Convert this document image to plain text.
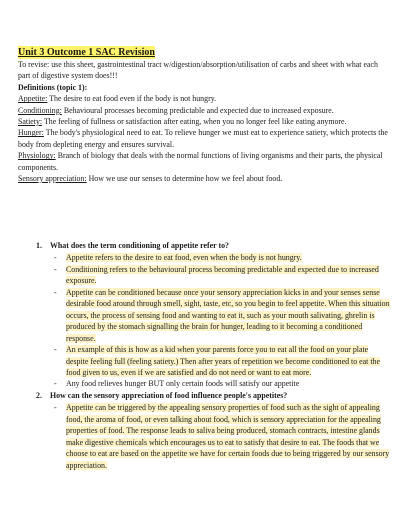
Unit 3 Outcome 1 SAC Revision
To revise: use this sheet, gastrointestinal tract w/digestion/absorption/utilisation of carbs and sheet with what each part of digestive system does!!!
Definitions (topic 1):
Appetite: The desire to eat food even if the body is not hungry.
Conditioning: Behavioural processes becoming predictable and expected due to increased exposure.
Satiety: The feeling of fullness or satisfaction after eating, when you no longer feel like eating anymore.
Hunger: The body's physiological need to eat. To relieve hunger we must eat to experience satiety, which protects the body from depleting energy and ensures survival.
Physiology: Branch of biology that deals with the normal functions of living organisms and their parts, the physical components.
Sensory appreciation: How we use our senses to determine how we feel about food.
1.	What does the term conditioning of appetite refer to?
- Appetite refers to the desire to eat food, even when the body is not hungry.
- Conditioning refers to the behavioural process becoming predictable and expected due to increased exposure.
- Appetite can be conditioned because once your sensory appreciation kicks in and your senses sense desirable food around through smell, sight, taste, etc, so you begin to feel appetite. When this situation occurs, the process of sensing food and wanting to eat it, such as your mouth salivating, ghrelin is produced by the stomach signalling the brain for hunger, leading to it becoming a conditioned response.
- An example of this is how as a kid when your parents force you to eat all the food on your plate despite feeling full (feeling satiety.) Then after years of repetition we become conditioned to eat the food given to us, even if we are satisfied and do not need or want to eat more.
- Any food relieves hunger BUT only certain foods will satisfy our appetite
2.	How can the sensory appreciation of food influence people's appetites?
- Appetite can be triggered by the appealing sensory properties of food such as the sight of appealing food, the aroma of food, or even talking about food, which is sensory appreciation for the appealing properties of food. The response leads to saliva being produced, stomach contracts, intestine glands make digestive chemicals which encourages us to eat to satisfy that desire to eat. The foods that we choose to eat are based on the appetite we have for certain foods due to being triggered by our sensory appreciation.
